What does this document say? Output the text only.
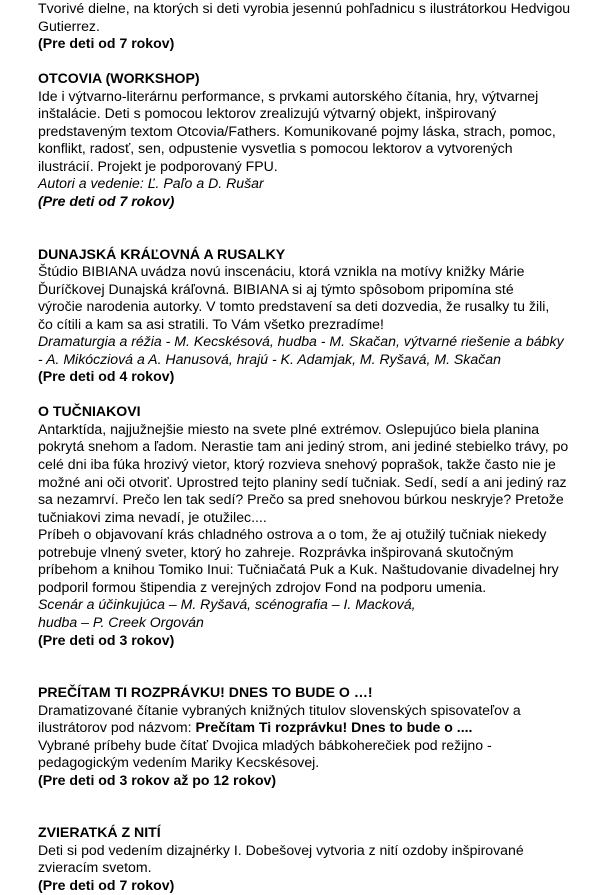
Tvorivé dielne, na ktorých si deti vyrobia jesennú pohľadnicu s ilustrátorkou Hedvigou
Gutierrez.
(Pre deti od 7 rokov)
OTCOVIA (WORKSHOP)
Ide i výtvarno-literárnu performance, s prvkami autorského čítania, hry, výtvarnej
inštalácie. Deti s pomocou lektorov zrealizujú výtvarný objekt, inšpirovaný
predstaveným textom Otcovia/Fathers. Komunikované pojmy láska, strach, pomoc,
konflikt, radosť, sen, odpustenie vysvetlia s pomocou lektorov a vytvorených
ilustrácií. Projekt je podporovaný FPU.
Autori a vedenie: Ľ. Paľo a D. Rušar
(Pre deti od 7 rokov)
DUNAJSKÁ KRÁĽOVNÁ A RUSALKY
Štúdio BIBIANA uvádza novú inscenáciu, ktorá vznikla na motívy knižky Márie
Ďuríčkovej Dunajská kráľovná. BIBIANA si aj týmto spôsobom pripomína sté
výročie narodenia autorky. V tomto predstavení sa deti dozvedia, že rusalky tu žili,
čo cítili a kam sa asi stratili. To Vám všetko prezradíme!
Dramaturgia a réžia - M. Kecskésová, hudba - M. Skačan, výtvarné riešenie a bábky
- A. Mikócziová a A. Hanusová, hrajú - K. Adamjak, M. Ryšavá, M. Skačan
(Pre deti od 4 rokov)
O TUČNIAKOVI
Antarktída, najjužnejšie miesto na svete plné extrémov. Oslepujúco biela planina
pokrytá snehom a ľadom. Nerastie tam ani jediný strom, ani jediné stebielko trávy, po
celé dni iba fúka hrozivý vietor, ktorý rozvieva snehový poprašok, takže často nie je
možné ani oči otvoriť. Uprostred tejto planiny sedí tučniak. Sedí, sedí a ani jediný raz
sa nezamrví. Prečo len tak sedí? Prečo sa pred snehovou búrkou neskryje? Pretože
tučniakovi zima nevadí, je otužilec....
Príbeh o objavovaní krás chladného ostrova a o tom, že aj otužilý tučniak niekedy
potrebuje vlnený sveter, ktorý ho zahreje. Rozprávka inšpirovaná skutočným
príbehom a knihou Tomiko Inui: Tučniačatá Puk a Kuk. Naštudovanie divadelnej hry
podporil formou štipendia z verejných zdrojov Fond na podporu umenia.
Scenár a účinkujúca – M. Ryšavá, scénografia – I. Macková,
hudba – P. Creek Orgován
(Pre deti od 3 rokov)
PREČÍTAM TI ROZPRÁVKU! DNES TO BUDE O …!
Dramatizované čítanie vybraných knižných titulov slovenských spisovateľov a
ilustrátorov pod názvom: Prečítam Ti rozprávku! Dnes to bude o ....
Vybrané príbehy bude čítať Dvojica mladých bábkoherečiek pod režijno -
pedagogickým vedením Mariky Kecskésovej.
(Pre deti od 3 rokov až po 12 rokov)
ZVIERATKÁ Z NITÍ
Deti si pod vedením dizajnérky I. Dobešovej vytvoria z nití ozdoby inšpirované
zvieracím svetom.
(Pre deti od 7 rokov)
